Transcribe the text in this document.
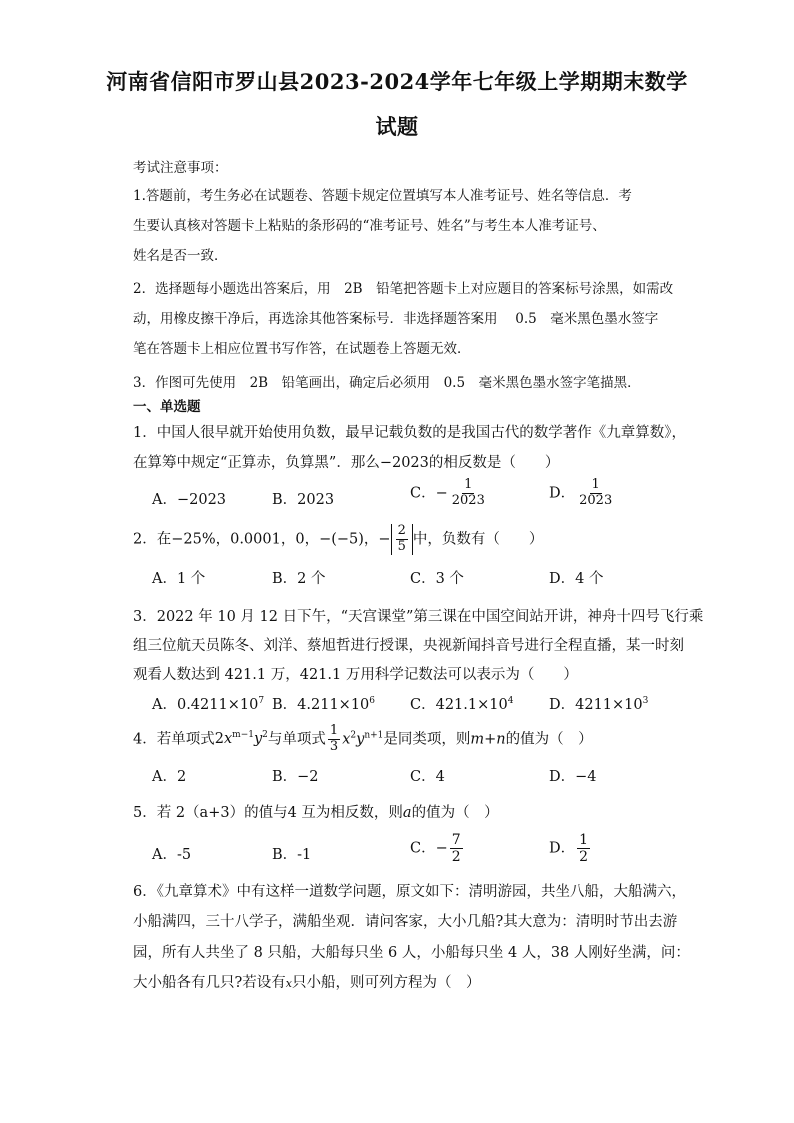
河南省信阳市罗山县2023-2024学年七年级上学期期末数学
试题
考试注意事项：
1.答题前，考生务必在试题卷、答题卡规定位置填写本人准考证号、姓名等信息．考
生要认真核对答题卡上粘贴的条形码的“准考证号、姓名”与考生本人准考证号、
姓名是否一致．
2．选择题每小题选出答案后，用　2B　铅笔把答题卡上对应题目的答案标号涂黑，如需改
动，用橡皮擦干净后，再选涂其他答案标号．非选择题答案用　 0.5　毫米黑色墨水签字
笔在答题卡上相应位置书写作答，在试题卷上答题无效．
3．作图可先使用　2B　铅笔画出，确定后必须用　0.5　毫米黑色墨水签字笔描黑．
一、单选题
1．中国人很早就开始使用负数，最早记载负数的是我国古代的数学著作《九章算数》，
在算筹中规定“正算赤，负算黑”．那么−2023的相反数是（　　）
A．−2023	B．2023	C．− $\frac{1}{2023}$	D． $\frac{1}{2023}$
2．在−25%，0.0001，0，−(−5)，− $\frac{2}{5}$ 中，负数有（　　）
A．1 个	B．2 个	C．3 个	D．4 个
3．2022 年 10 月 12 日下午，“天宫课堂”第三课在中国空间站开讲，神舟十四号飞行乘
组三位航天员陈冬、刘洋、蔡旭哲进行授课，央视新闻抖音号进行全程直播，某一时刻
观看人数达到 421.1 万，421.1 万用科学记数法可以表示为（　　）
A．$0.4211\times 10^7$ B．$4.211\times 10^6$ C．$421.1\times 10^4$ D．$4211\times 10^3$
4．若单项式$2x^{m-1}y^2$与单项式 $\frac{1}{3} x^2y^{n+1}$是同类项，则m+n的值为（　）
A．2	B．−2	C．4	D．−4
5．若 2（a+3）的值与4 互为相反数，则a的值为（　）
A．-5	B．-1	C．− $\frac{7}{2}$	D． $\frac{1}{2}$
6．《九章算术》中有这样一道数学问题，原文如下：清明游园，共坐八船，大船满六，
小船满四，三十八学子，满船坐观．请问客家，大小几船?其大意为：清明时节出去游
园，所有人共坐了 8 只船，大船每只坐 6 人，小船每只坐 4 人，38 人刚好坐满，问：
大小船各有几只?若设有x只小船，则可列方程为（　）
